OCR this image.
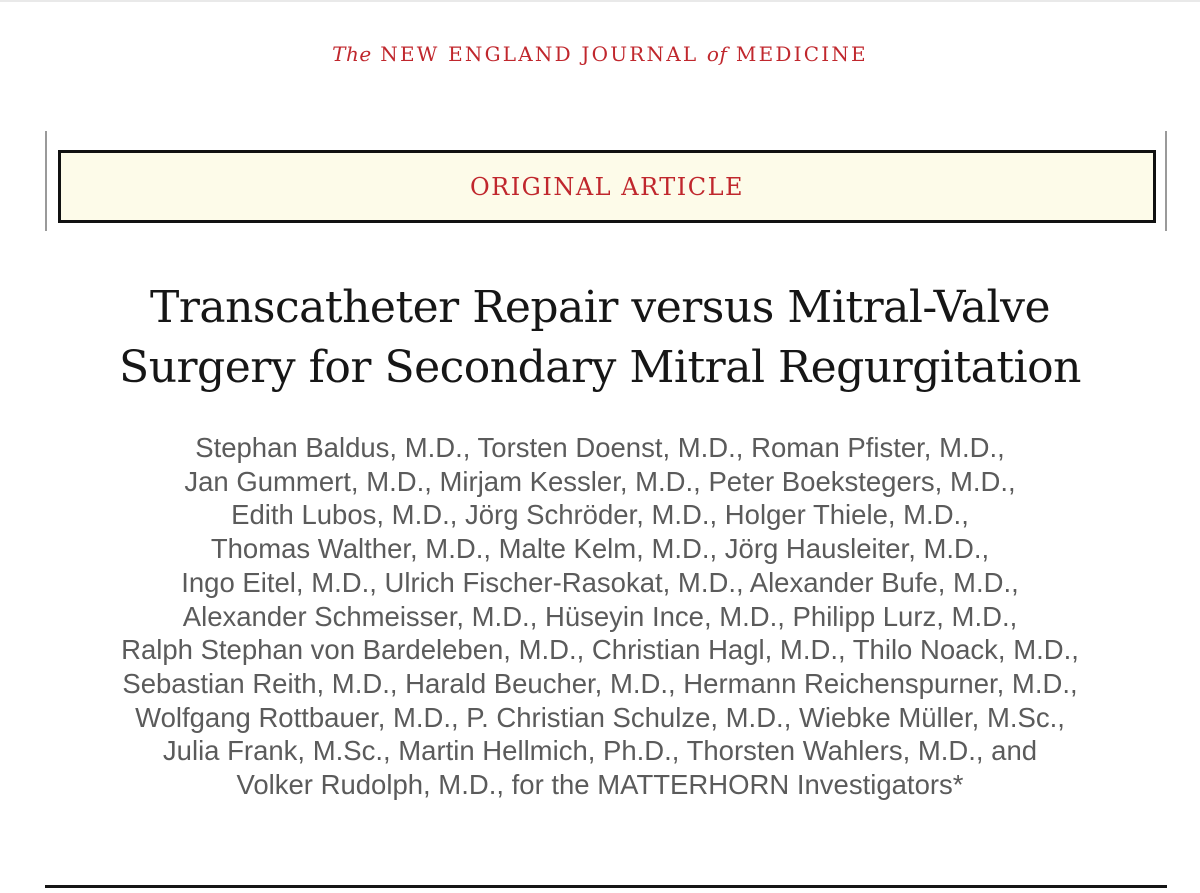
The NEW ENGLAND JOURNAL of MEDICINE
ORIGINAL ARTICLE
Transcatheter Repair versus Mitral-Valve
Surgery for Secondary Mitral Regurgitation
Stephan Baldus, M.D., Torsten Doenst, M.D., Roman Pfister, M.D.,
Jan Gummert, M.D., Mirjam Kessler, M.D., Peter Boekstegers, M.D.,
Edith Lubos, M.D., Jörg Schröder, M.D., Holger Thiele, M.D.,
Thomas Walther, M.D., Malte Kelm, M.D., Jörg Hausleiter, M.D.,
Ingo Eitel, M.D., Ulrich Fischer-Rasokat, M.D., Alexander Bufe, M.D.,
Alexander Schmeisser, M.D., Hüseyin Ince, M.D., Philipp Lurz, M.D.,
Ralph Stephan von Bardeleben, M.D., Christian Hagl, M.D., Thilo Noack, M.D.,
Sebastian Reith, M.D., Harald Beucher, M.D., Hermann Reichenspurner, M.D.,
Wolfgang Rottbauer, M.D., P. Christian Schulze, M.D., Wiebke Müller, M.Sc.,
Julia Frank, M.Sc., Martin Hellmich, Ph.D., Thorsten Wahlers, M.D., and
Volker Rudolph, M.D., for the MATTERHORN Investigators*
